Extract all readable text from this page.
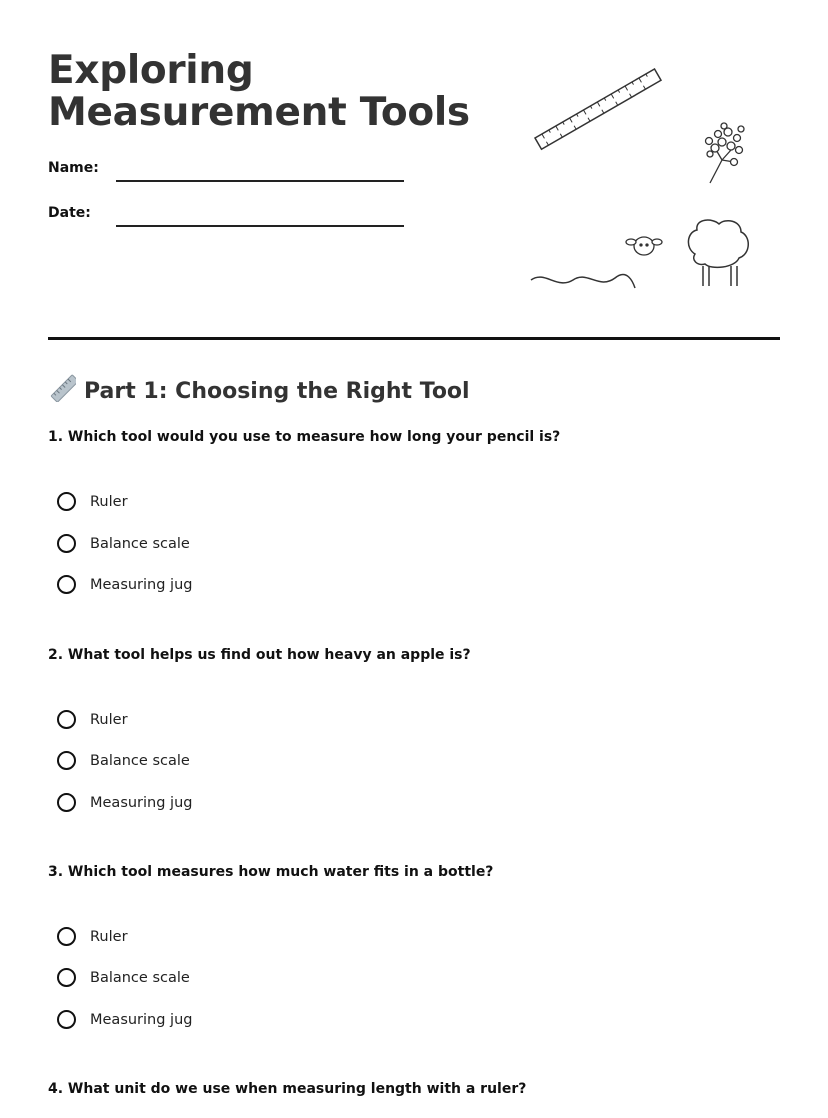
Exploring Measurement Tools
Name:
Date:
Part 1: Choosing the Right Tool

1. Which tool would you use to measure how long your pencil is?

Ruler
Balance scale
Measuring jug

2. What tool helps us find out how heavy an apple is?

Ruler
Balance scale
Measuring jug

3. Which tool measures how much water fits in a bottle?

Ruler
Balance scale
Measuring jug

4. What unit do we use when measuring length with a ruler?
